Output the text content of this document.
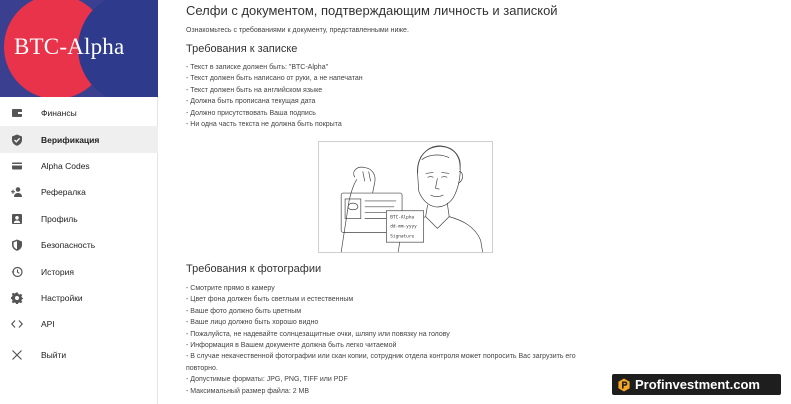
BTC-Alpha
Финансы
Верификация
Alpha Codes
Рефералка
Профиль
Безопасность
История
Настройки
API
Выйти
Селфи с документом, подтверждающим личность и запиской
Ознакомьтесь с требованиями к документу, представленными ниже.
Требования к записке
- Текст в записке должен быть: "BTC-Alpha"
- Текст должен быть написано от руки, а не напечатан
- Текст должен быть на английском языке
- Должна быть прописана текущая дата
- Должно присутствовать Ваша подпись
- Ни одна часть текста не должна быть покрыта
BTC-Alpha
dd-mm-yyyy
Signature
Требования к фотографии
- Смотрите прямо в камеру
- Цвет фона должен быть светлым и естественным
- Ваше фото должно быть цветным
- Ваше лицо должно быть хорошо видно
- Пожалуйста, не надевайте солнцезащитные очки, шляпу или повязку на голову
- Информация в Вашем документе должна быть легко читаемой
- В случае некачественной фотографии или скан копии, сотрудник отдела контроля может попросить Вас загрузить его
повторно.
- Допустимые форматы: JPG, PNG, TIFF или PDF
- Максимальный размер файла: 2 MB	Profinvestment.com
